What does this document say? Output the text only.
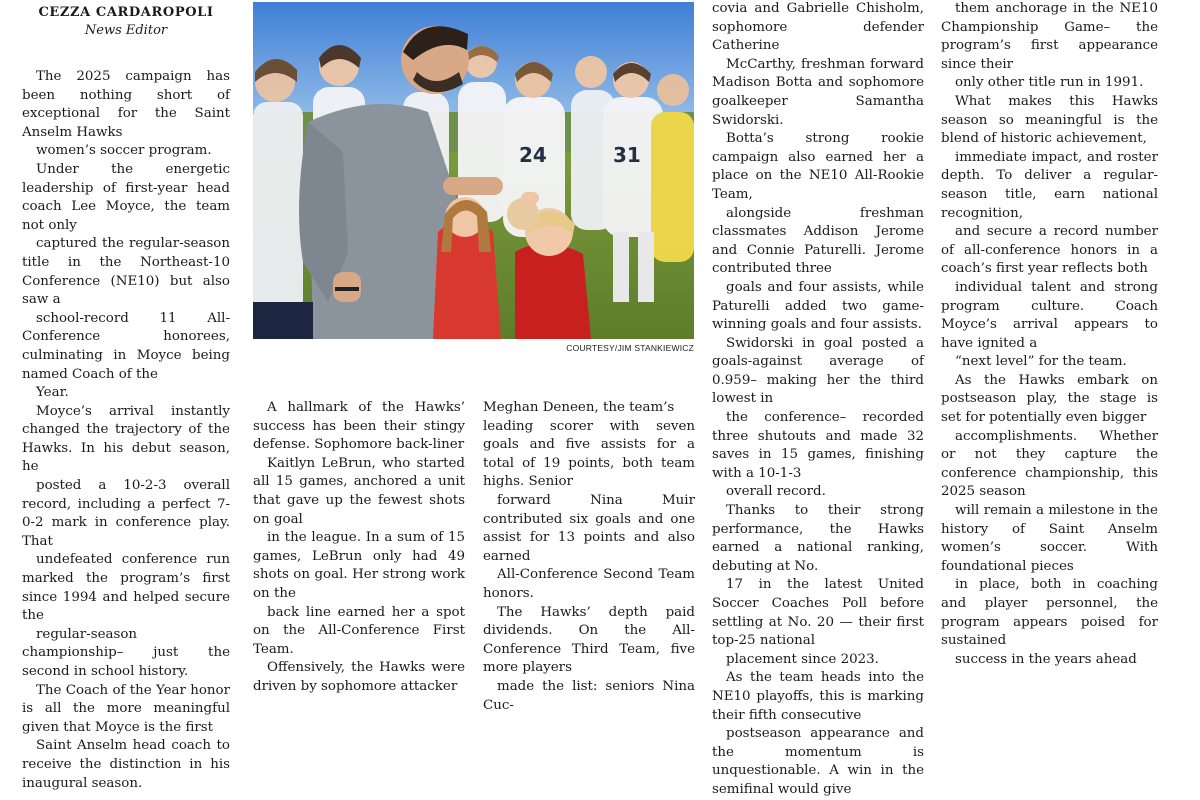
CEZZA CARDAROPOLI
News Editor

The 2025 campaign has been nothing short of exceptional for the Saint Anselm Hawks

women’s soccer program.

Under the energetic leadership of first-year head coach Lee Moyce, the team not only

captured the regular-season title in the Northeast-10 Conference (NE10) but also saw a

school-record 11 All-Conference honorees, culminating in Moyce being named Coach of the

Year.

Moyce’s arrival instantly changed the trajectory of the Hawks. In his debut season, he

posted a 10-2-3 overall record, including a perfect 7-0-2 mark in conference play. That

undefeated conference run marked the program’s first since 1994 and helped secure the

regular-season championship– just the second in school history.

The Coach of the Year honor is all the more meaningful given that Moyce is the first

Saint Anselm head coach to receive the distinction in his inaugural season.

24	31
COURTESY/JIM STANKIEWICZ

A hallmark of the Hawks’ success has been their stingy defense. Sophomore back-liner

Kaitlyn LeBrun, who started all 15 games, anchored a unit that gave up the fewest shots on goal

in the league. In a sum of 15 games, LeBrun only had 49 shots on goal. Her strong work on the

back line earned her a spot on the All-Conference First Team.

Offensively, the Hawks were driven by sophomore attacker

Meghan Deneen, the team’s

leading scorer with seven goals and five assists for a total of 19 points, both team highs. Senior

forward Nina Muir contributed six goals and one assist for 13 points and also earned

All-Conference Second Team honors.

The Hawks’ depth paid dividends. On the All-Conference Third Team, five more players

made the list: seniors Nina Cuc-

covia and Gabrielle Chisholm, sophomore defender Catherine

McCarthy, freshman forward Madison Botta and sophomore goalkeeper Samantha Swidorski.

Botta’s strong rookie campaign also earned her a place on the NE10 All-Rookie Team,

alongside freshman classmates Addison Jerome and Connie Paturelli. Jerome contributed three

goals and four assists, while Paturelli added two game-winning goals and four assists.

Swidorski in goal posted a goals-against average of 0.959– making her the third lowest in

the conference– recorded three shutouts and made 32 saves in 15 games, finishing with a 10-1-3

overall record.

Thanks to their strong performance, the Hawks earned a national ranking, debuting at No.

17 in the latest United Soccer Coaches Poll before settling at No. 20 — their first top-25 national

placement since 2023.

As the team heads into the NE10 playoffs, this is marking their fifth consecutive

postseason appearance and the momentum is unquestionable. A win in the semifinal would give

them anchorage in the NE10 Championship Game– the program’s first appearance since their

only other title run in 1991.

What makes this Hawks season so meaningful is the blend of historic achievement,

immediate impact, and roster depth. To deliver a regular-season title, earn national recognition,

and secure a record number of all-conference honors in a coach’s first year reflects both

individual talent and strong program culture. Coach Moyce’s arrival appears to have ignited a

“next level” for the team.

As the Hawks embark on postseason play, the stage is set for potentially even bigger

accomplishments. Whether or not they capture the conference championship, this 2025 season

will remain a milestone in the history of Saint Anselm women’s soccer. With foundational pieces

in place, both in coaching and player personnel, the program appears poised for sustained

success in the years ahead
